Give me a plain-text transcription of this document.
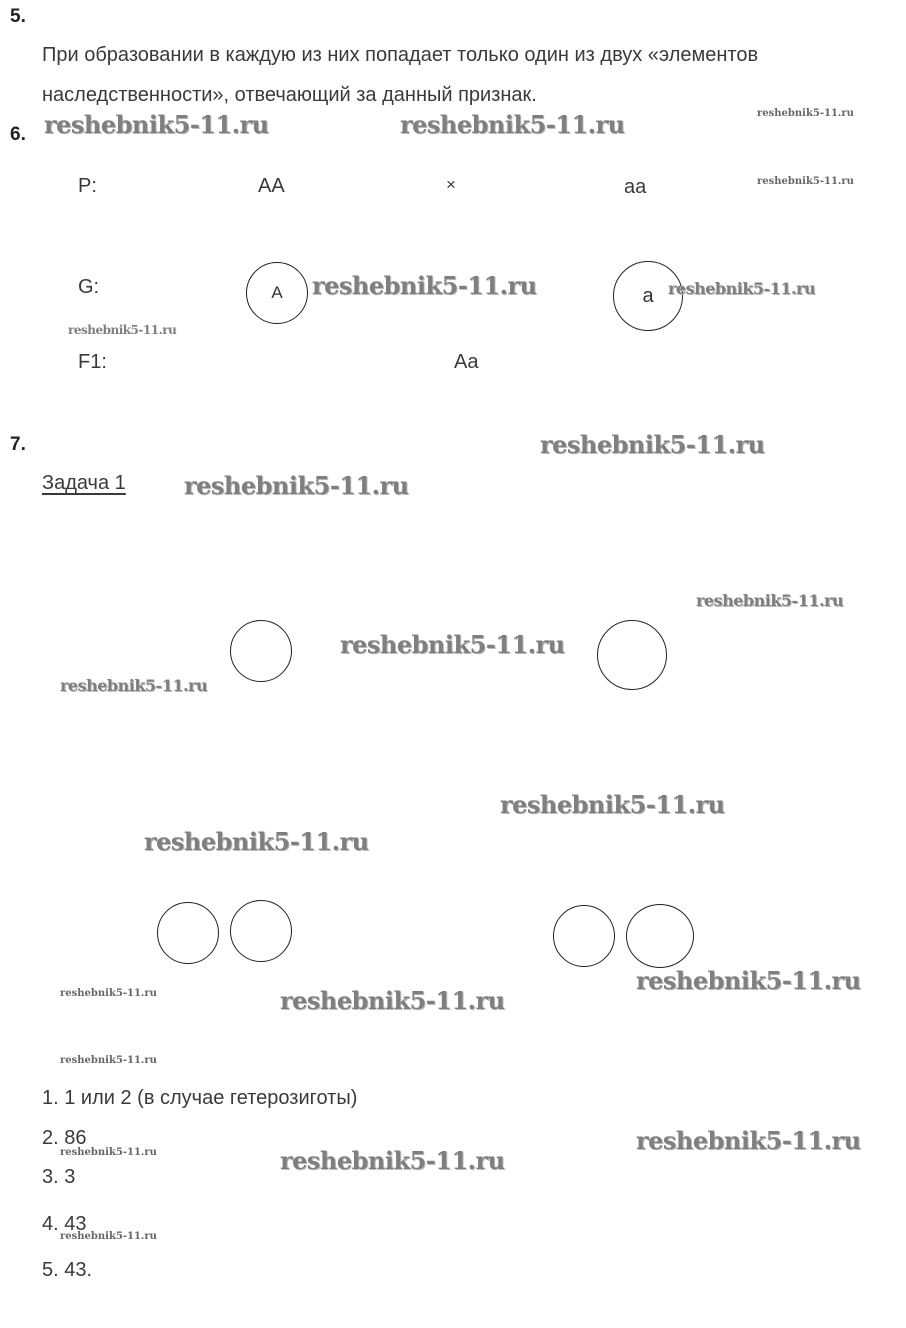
5.
При образовании в каждую из них попадает только один из двух «элементов
наследственности», отвечающий за данный признак.
6.
P:	AA	×	aa
G:	A	a
F1:	Aa
7.
Задача 1
1. 1 или 2 (в случае гетерозиготы)
2. 86
3. 3
4. 43
5. 43.
reshebnik5-11.ru	reshebnik5-11.ru	reshebnik5-11.ru
reshebnik5-11.ru
reshebnik5-11.ru	reshebnik5-11.ru
reshebnik5-11.ru
reshebnik5-11.ru
reshebnik5-11.ru
reshebnik5-11.ru
reshebnik5-11.ru
reshebnik5-11.ru
reshebnik5-11.ru
reshebnik5-11.ru
reshebnik5-11.ru
reshebnik5-11.ru	reshebnik5-11.ru
reshebnik5-11.ru
reshebnik5-11.ru
reshebnik5-11.ru	reshebnik5-11.ru
reshebnik5-11.ru
